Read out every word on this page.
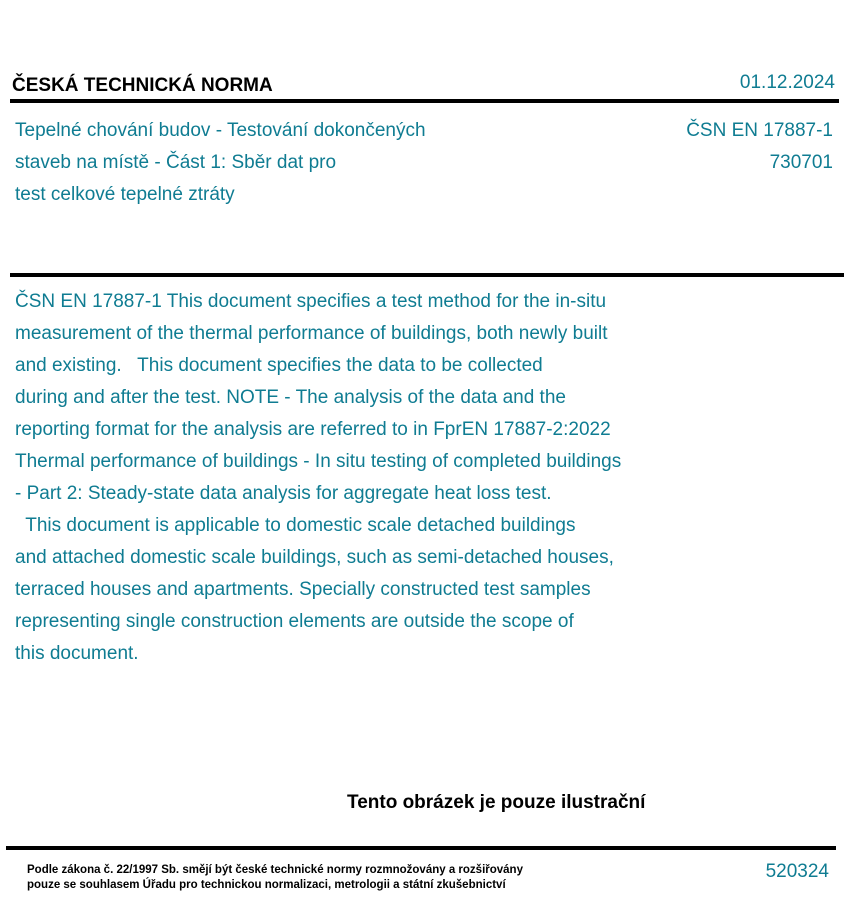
ČESKÁ TECHNICKÁ NORMA	01.12.2024
Tepelné chování budov - Testování dokončených
staveb na místě - Část 1: Sběr dat pro
test celkové tepelné ztráty
ČSN EN 17887-1
730701
ČSN EN 17887-1 This document specifies a test method for the in-situ
measurement of the thermal performance of buildings, both newly built
and existing.   This document specifies the data to be collected
during and after the test. NOTE - The analysis of the data and the
reporting format for the analysis are referred to in FprEN 17887-2:2022
Thermal performance of buildings - In situ testing of completed buildings
- Part 2: Steady-state data analysis for aggregate heat loss test.
This document is applicable to domestic scale detached buildings
and attached domestic scale buildings, such as semi-detached houses,
terraced houses and apartments. Specially constructed test samples
representing single construction elements are outside the scope of
this document.
Tento obrázek je pouze ilustrační
Podle zákona č. 22/1997 Sb. smějí být české technické normy rozmnožovány a rozšiřovány
pouze se souhlasem Úřadu pro technickou normalizaci, metrologii a státní zkušebnictví
520324
